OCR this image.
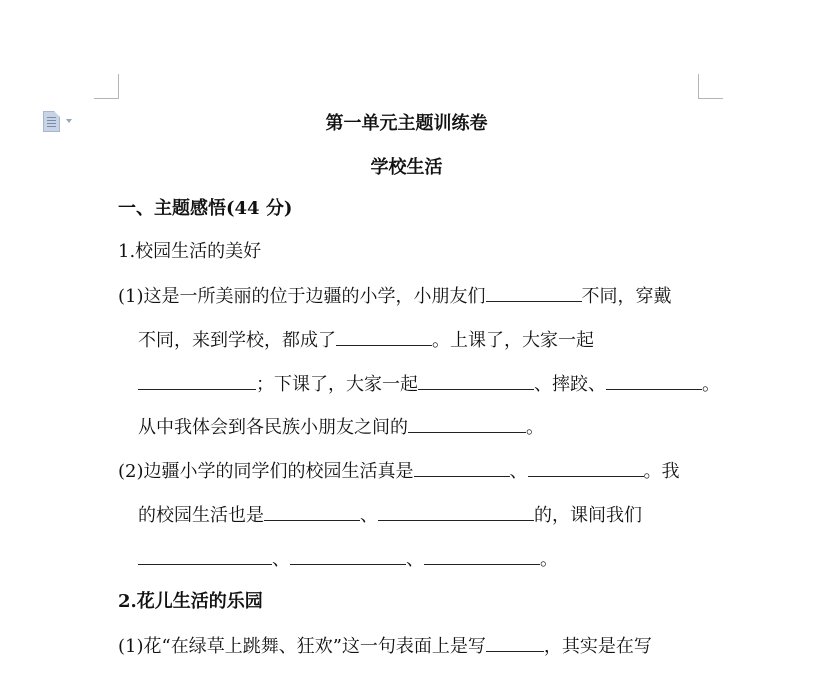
第一单元主题训练卷
学校生活
一、主题感悟(44 分)
1.校园生活的美好
(1)这是一所美丽的位于边疆的小学，小朋友们	不同，穿戴
不同，来到学校，都成了	。上课了，大家一起
；下课了，大家一起	、摔跤、	。
从中我体会到各民族小朋友之间的	。
(2)边疆小学的同学们的校园生活真是	、	。我
的校园生活也是	、	的，课间我们
、	、	。
2.花儿生活的乐园
(1)花“在绿草上跳舞、狂欢”这一句表面上是写	，其实是在写
